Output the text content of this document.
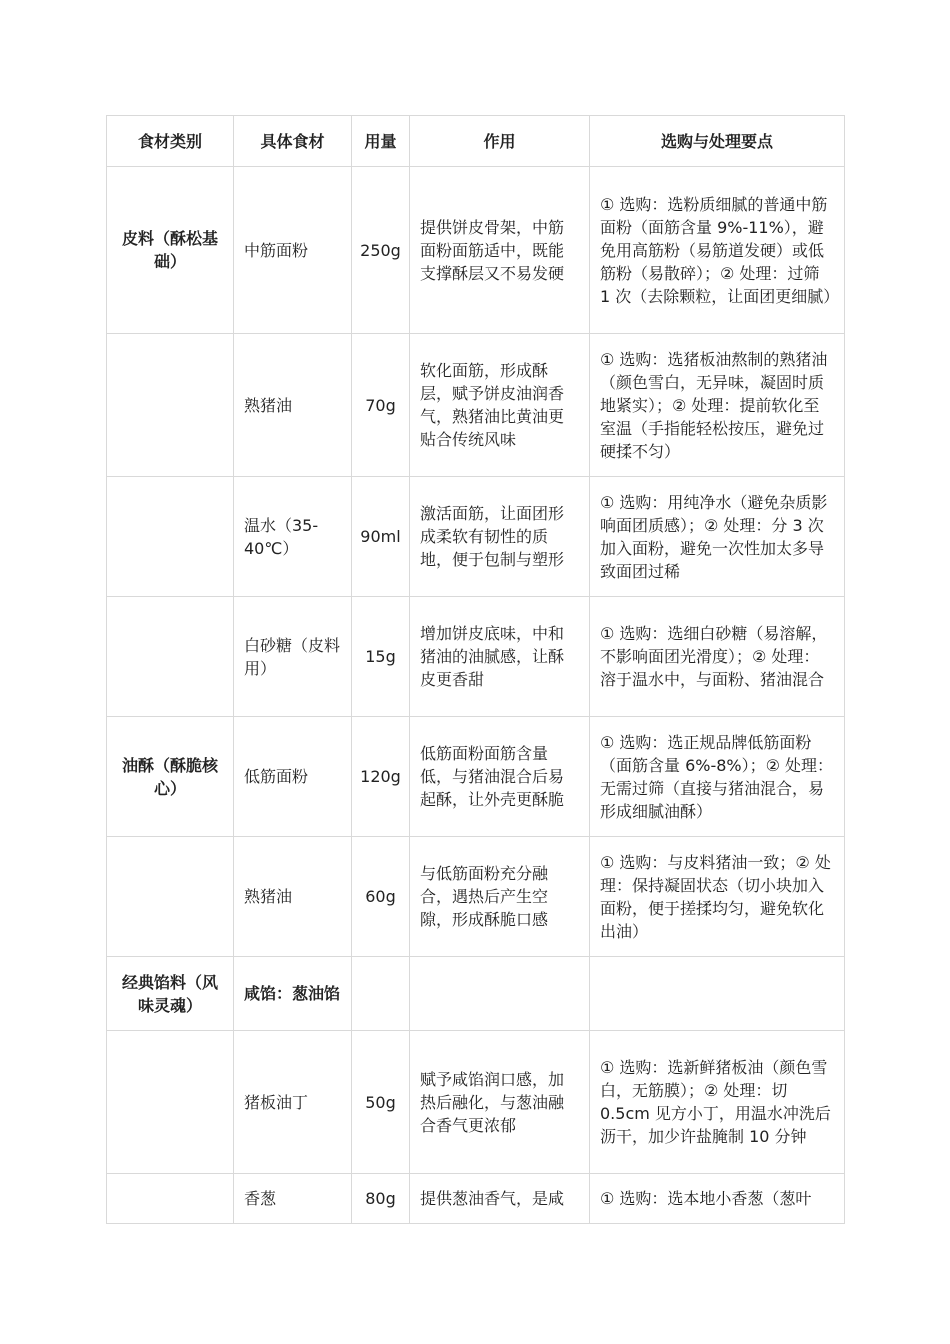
食材类别	具体食材	用量	作用	选购与处理要点
皮料（酥松基础）	中筋面粉	250g	提供饼皮骨架，中筋面粉面筋适中，既能支撑酥层又不易发硬	① 选购：选粉质细腻的普通中筋面粉（面筋含量 9%-11%），避免用高筋粉（易筋道发硬）或低筋粉（易散碎）；② 处理：过筛 1 次（去除颗粒，让面团更细腻）
	熟猪油	70g	软化面筋，形成酥层，赋予饼皮油润香气，熟猪油比黄油更贴合传统风味	① 选购：选猪板油熬制的熟猪油（颜色雪白，无异味，凝固时质地紧实）；② 处理：提前软化至室温（手指能轻松按压，避免过硬揉不匀）
	温水（35-40℃）	90ml	激活面筋，让面团形成柔软有韧性的质地，便于包制与塑形	① 选购：用纯净水（避免杂质影响面团质感）；② 处理：分 3 次加入面粉，避免一次性加太多导致面团过稀
	白砂糖（皮料用）	15g	增加饼皮底味，中和猪油的油腻感，让酥皮更香甜	① 选购：选细白砂糖（易溶解，不影响面团光滑度）；② 处理：溶于温水中，与面粉、猪油混合
油酥（酥脆核心）	低筋面粉	120g	低筋面粉面筋含量低，与猪油混合后易起酥，让外壳更酥脆	① 选购：选正规品牌低筋面粉（面筋含量 6%-8%）；② 处理：无需过筛（直接与猪油混合，易形成细腻油酥）
	熟猪油	60g	与低筋面粉充分融合，遇热后产生空隙，形成酥脆口感	① 选购：与皮料猪油一致；② 处理：保持凝固状态（切小块加入面粉，便于搓揉均匀，避免软化出油）
经典馅料（风味灵魂）	咸馅：葱油馅			
	猪板油丁	50g	赋予咸馅润口感，加热后融化，与葱油融合香气更浓郁	① 选购：选新鲜猪板油（颜色雪白，无筋膜）；② 处理：切 0.5cm 见方小丁，用温水冲洗后沥干，加少许盐腌制 10 分钟
	香葱	80g	提供葱油香气，是咸	① 选购：选本地小香葱（葱叶
